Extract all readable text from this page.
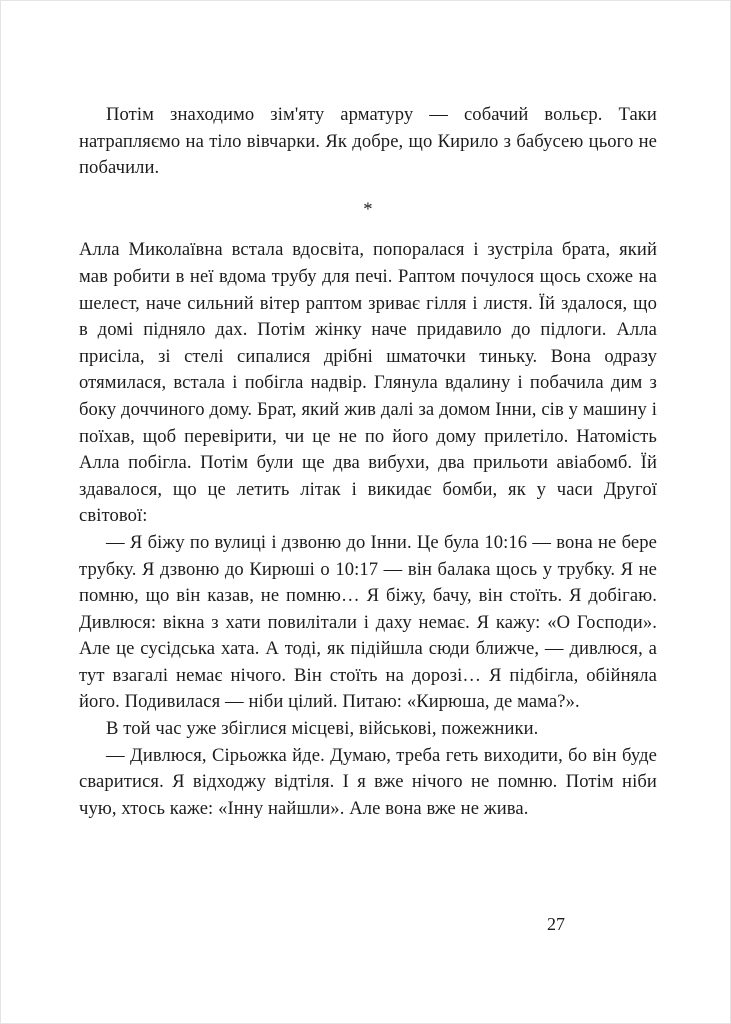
Потім знаходимо зім'яту арматуру — собачий вольєр. Таки натрапляємо на тіло вівчарки. Як добре, що Кирило з бабусею цього не побачили.

*

Алла Миколаївна встала вдосвіта, попоралася і зустріла брата, який мав робити в неї вдома трубу для печі. Раптом почулося щось схоже на шелест, наче сильний вітер раптом зриває гілля і листя. Їй здалося, що в домі підняло дах. Потім жінку наче придавило до підлоги. Алла присіла, зі стелі сипалися дрібні шматочки тиньку. Вона одразу отямилася, встала і побігла надвір. Глянула вдалину і побачила дим з боку доччиного дому. Брат, який жив далі за домом Інни, сів у машину і поїхав, щоб перевірити, чи це не по його дому прилетіло. Натомість Алла побігла. Потім були ще два вибухи, два прильоти авіабомб. Їй здавалося, що це летить літак і викидає бомби, як у часи Другої світової:

— Я біжу по вулиці і дзвоню до Інни. Це була 10:16 — вона не бере трубку. Я дзвоню до Кирюші о 10:17 — він балака щось у трубку. Я не помню, що він казав, не помню… Я біжу, бачу, він стоїть. Я добігаю. Дивлюся: вікна з хати повилітали і даху немає. Я кажу: «О Господи». Але це сусідська хата. А тоді, як підійшла сюди ближче, — дивлюся, а тут взагалі немає нічого. Він стоїть на дорозі… Я підбігла, обійняла його. Подивилася — ніби цілий. Питаю: «Кирюша, де мама?».

В той час уже збіглися місцеві, військові, пожежники.

— Дивлюся, Сірьожка йде. Думаю, треба геть виходити, бо він буде сваритися. Я відходжу відтіля. І я вже нічого не помню. Потім ніби чую, хтось каже: «Інну найшли». Але вона вже не жива.

27
